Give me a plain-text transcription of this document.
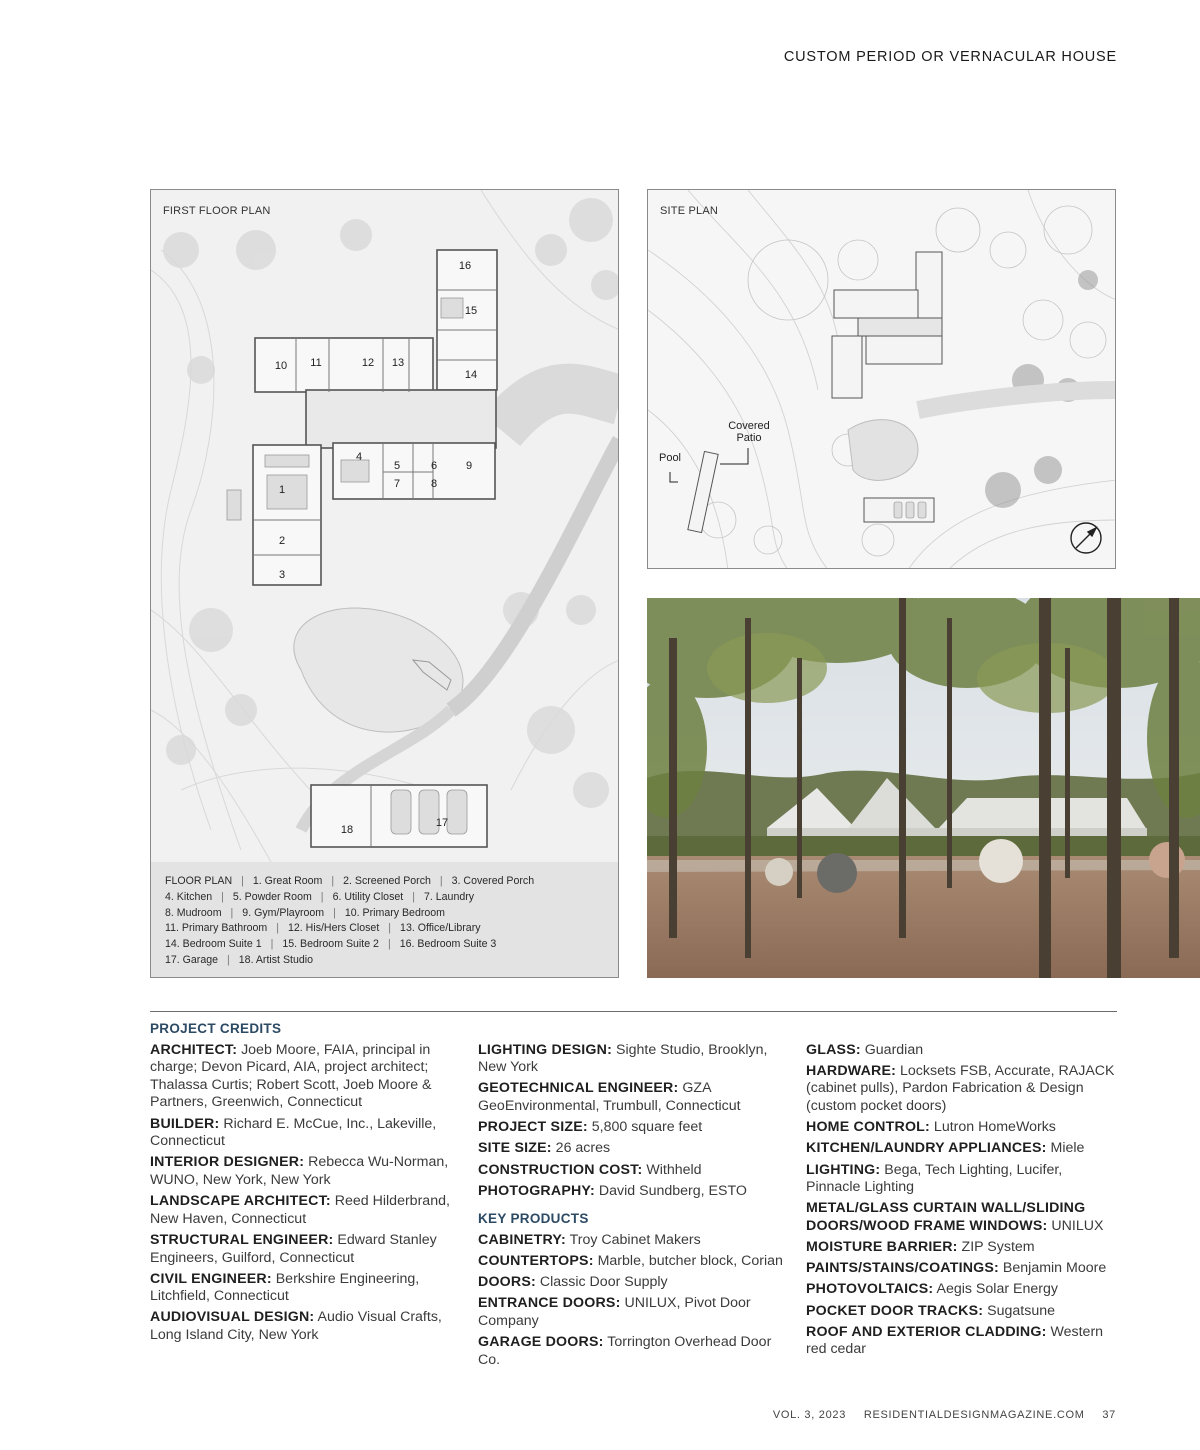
CUSTOM PERIOD OR VERNACULAR HOUSE
1
2
3
4
5	6
7	8
9
10 11	12 13
14
15
16
17
18
FIRST FLOOR PLAN
FLOOR PLAN | 1. Great Room | 2. Screened Porch | 3. Covered Porch
4. Kitchen | 5. Powder Room | 6. Utility Closet | 7. Laundry
8. Mudroom | 9. Gym/Playroom | 10. Primary Bedroom
11. Primary Bathroom | 12. His/Hers Closet | 13. Office/Library
14. Bedroom Suite 1 | 15. Bedroom Suite 2 | 16. Bedroom Suite 3
17. Garage | 18. Artist Studio
SITE PLAN
Covered
Patio
Pool
PROJECT CREDITS
ARCHITECT: Joeb Moore, FAIA, principal in charge; Devon Picard, AIA, project architect; Thalassa Curtis; Robert Scott, Joeb Moore & Partners, Greenwich, Connecticut
BUILDER: Richard E. McCue, Inc., Lakeville, Connecticut
INTERIOR DESIGNER: Rebecca Wu-Norman, WUNO, New York, New York
LANDSCAPE ARCHITECT: Reed Hilderbrand, New Haven, Connecticut
STRUCTURAL ENGINEER: Edward Stanley Engineers, Guilford, Connecticut
CIVIL ENGINEER: Berkshire Engineering, Litchfield, Connecticut
AUDIOVISUAL DESIGN: Audio Visual Crafts, Long Island City, New York
LIGHTING DESIGN: Sighte Studio, Brooklyn, New York
GEOTECHNICAL ENGINEER: GZA GeoEnvironmental, Trumbull, Connecticut
PROJECT SIZE: 5,800 square feet
SITE SIZE: 26 acres
CONSTRUCTION COST: Withheld
PHOTOGRAPHY: David Sundberg, ESTO
KEY PRODUCTS
CABINETRY: Troy Cabinet Makers
COUNTERTOPS: Marble, butcher block, Corian
DOORS: Classic Door Supply
ENTRANCE DOORS: UNILUX, Pivot Door Company
GARAGE DOORS: Torrington Overhead Door Co.
GLASS: Guardian
HARDWARE: Locksets FSB, Accurate, RAJACK (cabinet pulls), Pardon Fabrication & Design (custom pocket doors)
HOME CONTROL: Lutron HomeWorks
KITCHEN/LAUNDRY APPLIANCES: Miele
LIGHTING: Bega, Tech Lighting, Lucifer, Pinnacle Lighting
METAL/GLASS CURTAIN WALL/SLIDING DOORS/WOOD FRAME WINDOWS: UNILUX
MOISTURE BARRIER: ZIP System
PAINTS/STAINS/COATINGS: Benjamin Moore
PHOTOVOLTAICS: Aegis Solar Energy
POCKET DOOR TRACKS: Sugatsune
ROOF AND EXTERIOR CLADDING: Western red cedar
VOL. 3, 2023 RESIDENTIALDESIGNMAGAZINE.COM 37
